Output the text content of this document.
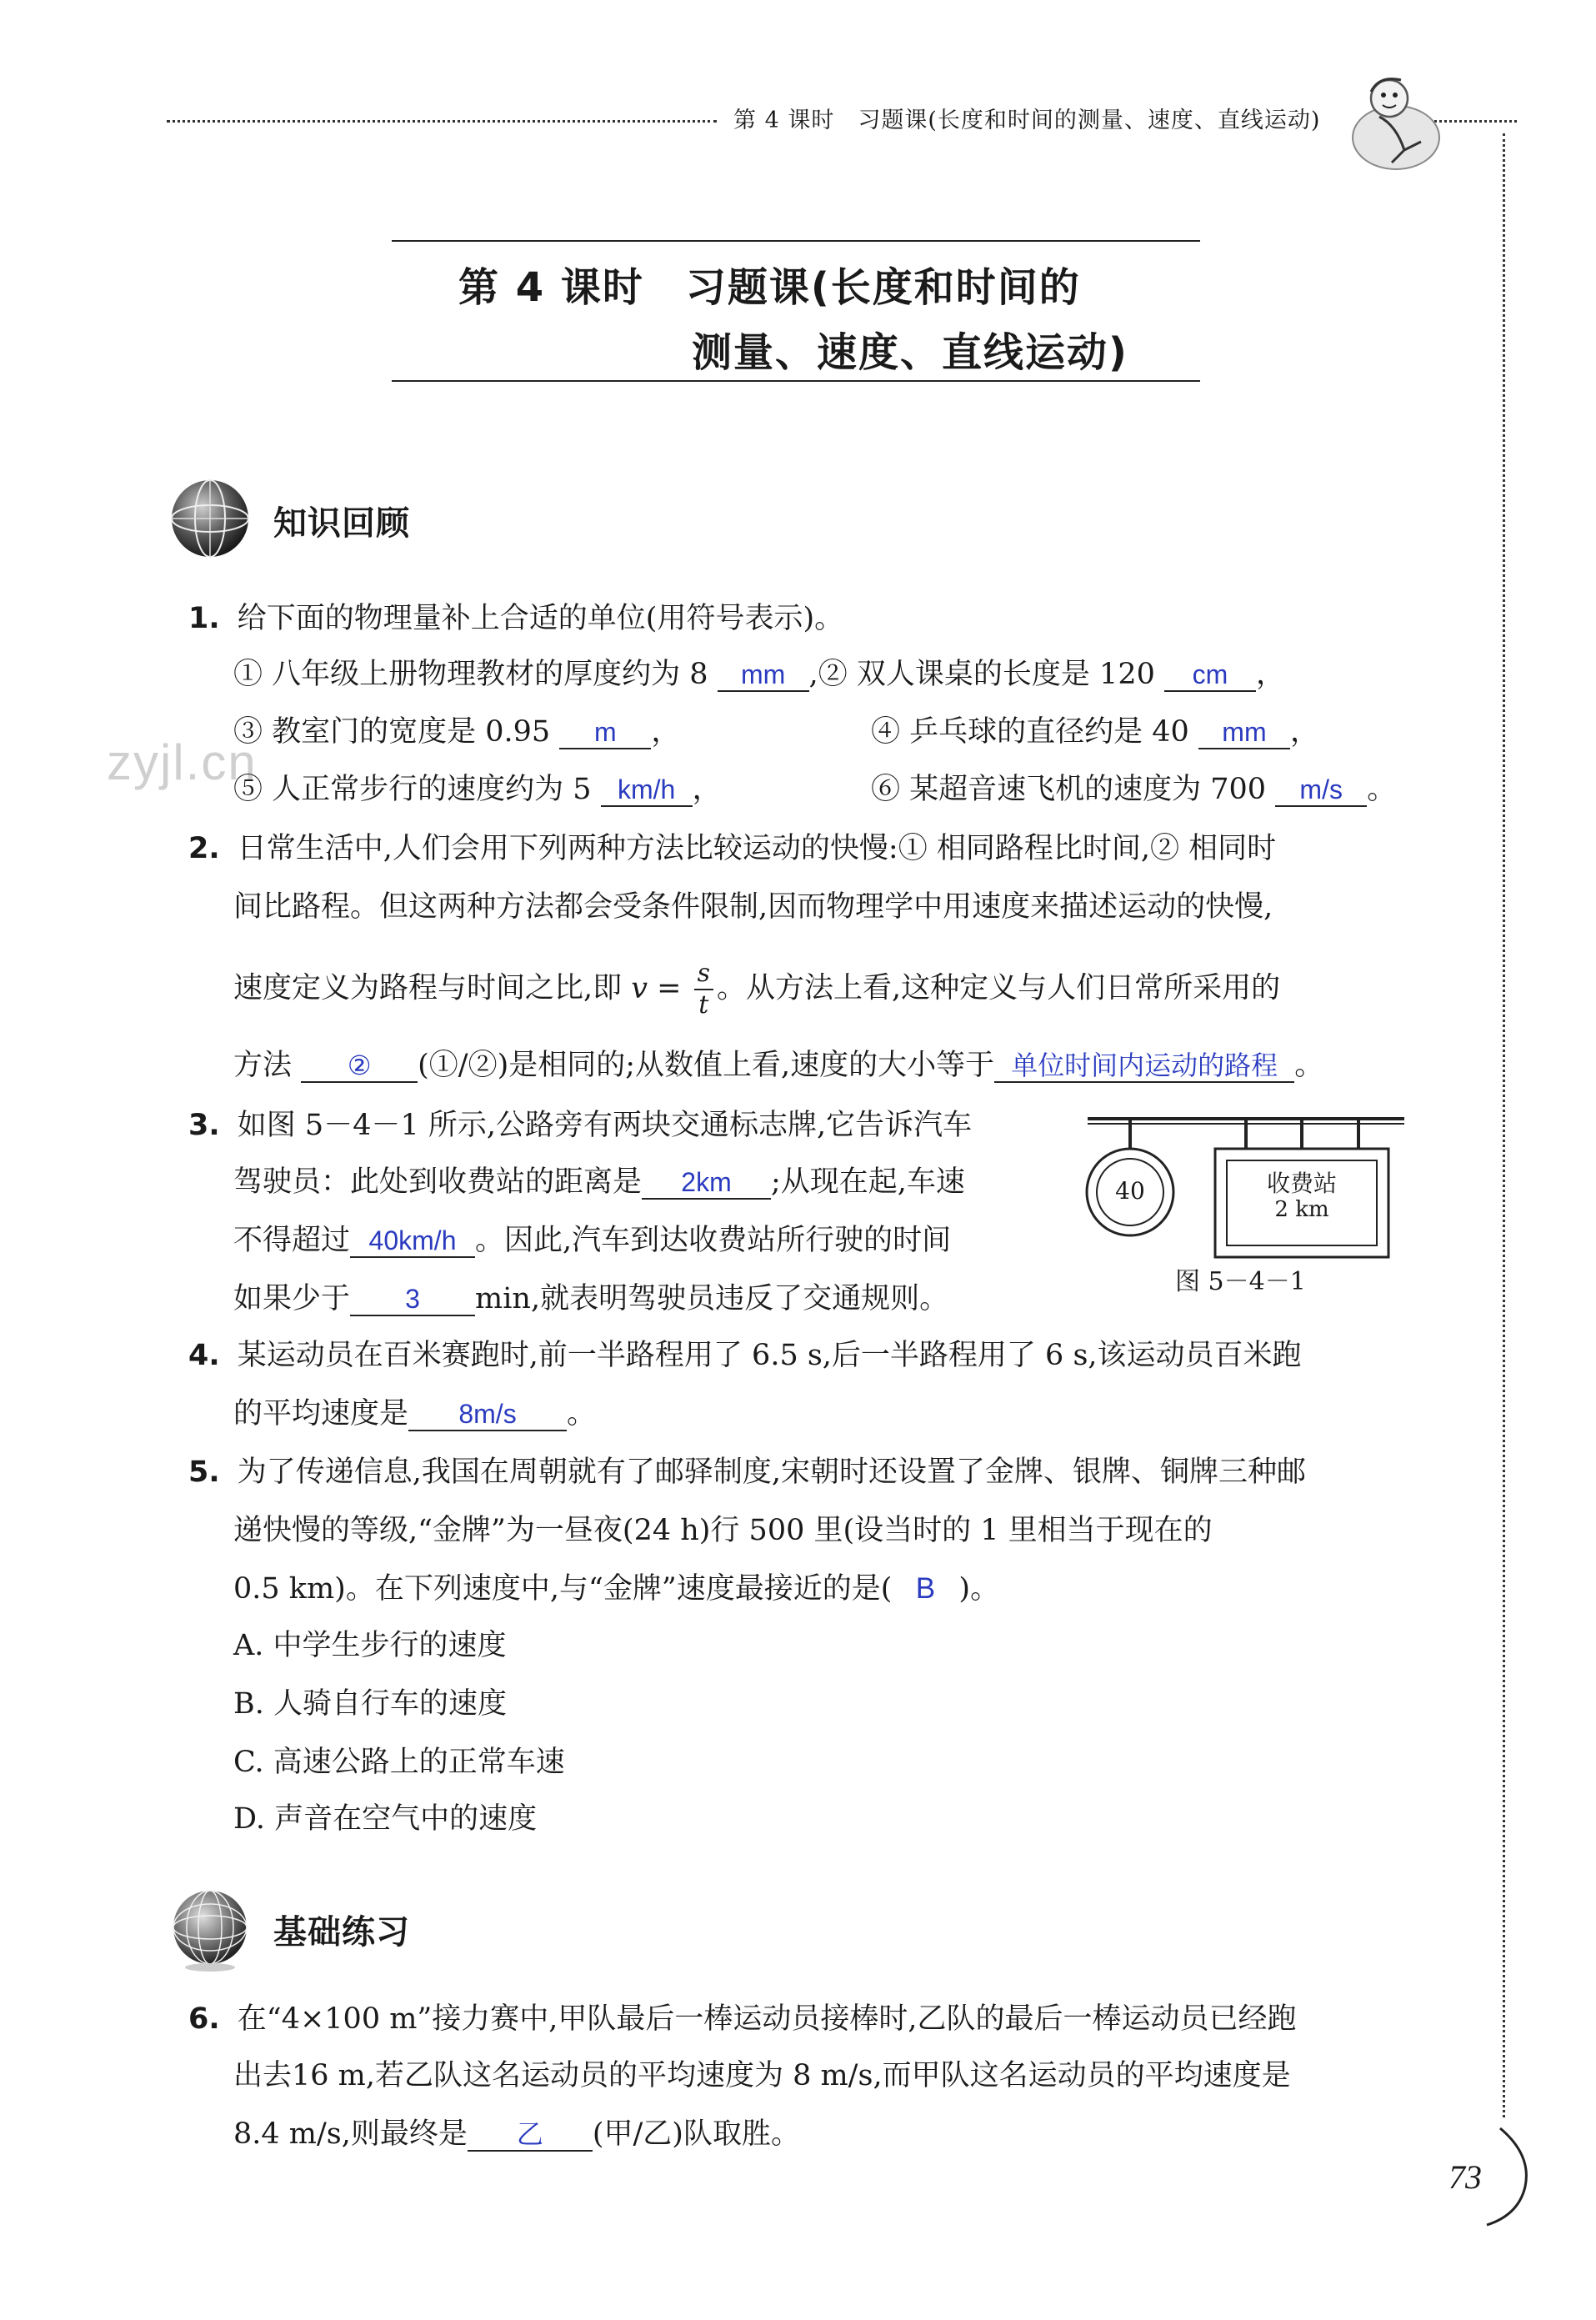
第 4 课时　习题课(长度和时间的测量、速度、直线运动)
第 4 课时　习题课(长度和时间的
测量、速度、直线运动)
知识回顾
zyjl.cn
1. 给下面的物理量补上合适的单位(用符号表示)。
① 八年级上册物理教材的厚度约为 8 mm ,② 双人课桌的长度是 120 cm ，
③ 教室门的宽度是 0.95 m ，	④ 乒乓球的直径约是 40 mm ，
⑤ 人正常步行的速度约为 5 km/h ，	⑥ 某超音速飞机的速度为 700 m/s 。
2. 日常生活中,人们会用下列两种方法比较运动的快慢:① 相同路程比时间,② 相同时
间比路程。但这两种方法都会受条件限制,因而物理学中用速度来描述运动的快慢,
速度定义为路程与时间之比,即 $v = \frac{s}{t}$ 。从方法上看,这种定义与人们日常所采用的
方法 ② (①/②)是相同的;从数值上看,速度的大小等于 单位时间内运动的路程 。
3. 如图 5－4－1 所示,公路旁有两块交通标志牌,它告诉汽车
驾驶员：此处到收费站的距离是 2km ;从现在起,车速
不得超过 40km/h 。因此,汽车到达收费站所行驶的时间
如果少于 3 min,就表明驾驶员违反了交通规则。
40	收费站
2 km
图 5－4－1
4. 某运动员在百米赛跑时,前一半路程用了 6.5 s,后一半路程用了 6 s,该运动员百米跑
的平均速度是 8m/s 。
5. 为了传递信息,我国在周朝就有了邮驿制度,宋朝时还设置了金牌、银牌、铜牌三种邮
递快慢的等级,“金牌”为一昼夜(24 h)行 500 里(设当时的 1 里相当于现在的
0.5 km)。在下列速度中,与“金牌”速度最接近的是( B )。
A. 中学生步行的速度
B. 人骑自行车的速度
C. 高速公路上的正常车速
D. 声音在空气中的速度
基础练习
6. 在“4×100 m”接力赛中,甲队最后一棒运动员接棒时,乙队的最后一棒运动员已经跑
出去16 m,若乙队这名运动员的平均速度为 8 m/s,而甲队这名运动员的平均速度是
8.4 m/s,则最终是 乙 (甲/乙)队取胜。
73
